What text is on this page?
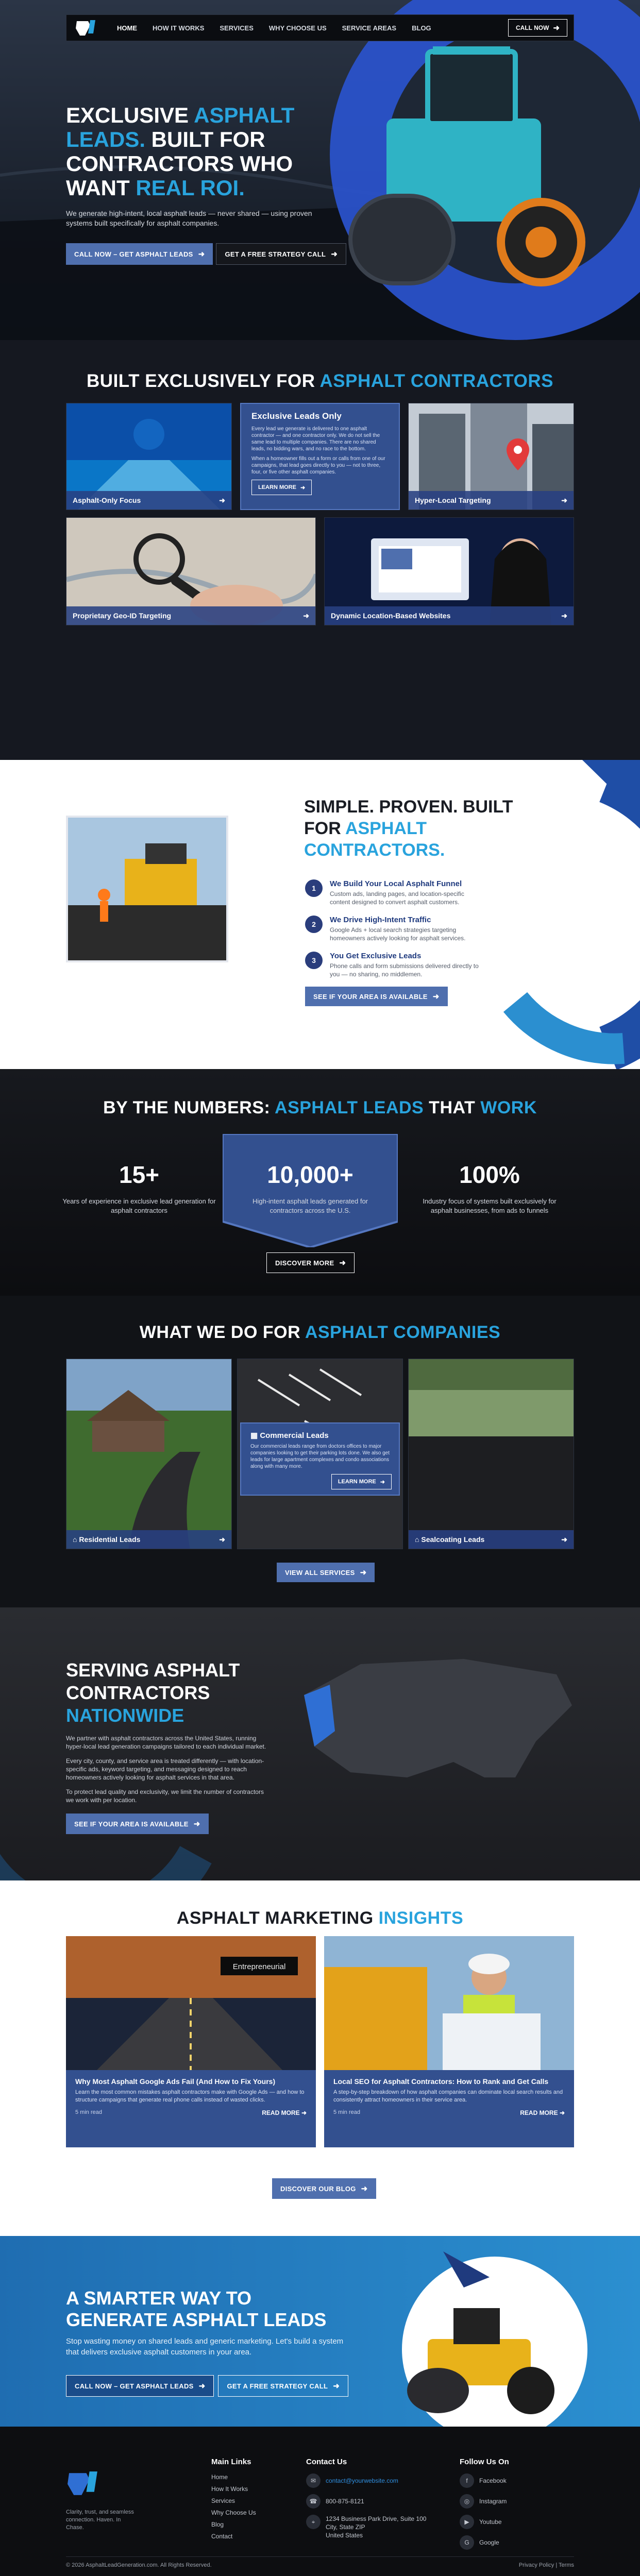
HOME HOW IT WORKS SERVICES WHY CHOOSE US SERVICE AREAS BLOG	CALL NOW ➜
EXCLUSIVE ASPHALT LEADS. BUILT FOR CONTRACTORS WHO WANT REAL ROI.

We generate high-intent, local asphalt leads — never shared — using proven systems built specifically for asphalt companies.

CALL NOW – GET ASPHALT LEADS ➜	GET A FREE STRATEGY CALL ➜
BUILT EXCLUSIVELY FOR ASPHALT CONTRACTORS
Asphalt-Only Focus	➜
Exclusive Leads Only

Every lead we generate is delivered to one asphalt contractor — and one contractor only. We do not sell the same lead to multiple companies. There are no shared leads, no bidding wars, and no race to the bottom.

When a homeowner fills out a form or calls from one of our campaigns, that lead goes directly to you — not to three, four, or five other asphalt companies.

LEARN MORE ➜
Hyper-Local Targeting	➜
Proprietary Geo-ID Targeting	➜	Dynamic Location-Based Websites	➜
SIMPLE. PROVEN. BUILT FOR ASPHALT CONTRACTORS.
1	We Build Your Local Asphalt Funnel

Custom ads, landing pages, and location-specific content designed to convert asphalt customers.

2	We Drive High-Intent Traffic

Google Ads + local search strategies targeting homeowners actively looking for asphalt services.

3	You Get Exclusive Leads

Phone calls and form submissions delivered directly to you — no sharing, no middlemen.

SEE IF YOUR AREA IS AVAILABLE ➜
BY THE NUMBERS: ASPHALT LEADS THAT WORK
15+

Years of experience in exclusive lead generation for asphalt contractors

10,000+

High-intent asphalt leads generated for contractors across the U.S.

100%

Industry focus of systems built exclusively for asphalt businesses, from ads to funnels

DISCOVER MORE ➜
WHAT WE DO FOR ASPHALT COMPANIES
⌂ Residential Leads	➜
▦ Commercial Leads

Our commercial leads range from doctors offices to major companies looking to get their parking lots done. We also get leads for large apartment complexes and condo associations along with many more.

LEARN MORE ➜
⌂ Sealcoating Leads	➜
VIEW ALL SERVICES ➜
SERVING ASPHALT CONTRACTORS NATIONWIDE

We partner with asphalt contractors across the United States, running hyper-local lead generation campaigns tailored to each individual market.

Every city, county, and service area is treated differently — with location-specific ads, keyword targeting, and messaging designed to reach homeowners actively looking for asphalt services in that area.

To protect lead quality and exclusivity, we limit the number of contractors we work with per location.

SEE IF YOUR AREA IS AVAILABLE ➜
ASPHALT MARKETING INSIGHTS
Entrepreneurial
Why Most Asphalt Google Ads Fail (And How to Fix Yours)

Learn the most common mistakes asphalt contractors make with Google Ads — and how to structure campaigns that generate real phone calls instead of wasted clicks.

5 min read	READ MORE ➜
Local SEO for Asphalt Contractors: How to Rank and Get Calls

A step-by-step breakdown of how asphalt companies can dominate local search results and consistently attract homeowners in their service area.

5 min read	READ MORE ➜
DISCOVER OUR BLOG ➜
A SMARTER WAY TO GENERATE ASPHALT LEADS

Stop wasting money on shared leads and generic marketing. Let's build a system that delivers exclusive asphalt customers in your area.

CALL NOW – GET ASPHALT LEADS ➜	GET A FREE STRATEGY CALL ➜

Clarity, trust, and seamless connection. Haven. In Chase.

Main Links
Home
How It Works
Services
Why Choose Us
Blog
Contact
Contact Us
✉	contact@yourwebsite.com
☎	800-875-8121
⌖	1234 Business Park Drive, Suite 100
City, State ZIP
United States
Follow Us On
f	Facebook
◎	Instagram
▶	Youtube
G	Google
© 2026 AsphaltLeadGeneration.com. All Rights Reserved.	Privacy Policy | Terms
